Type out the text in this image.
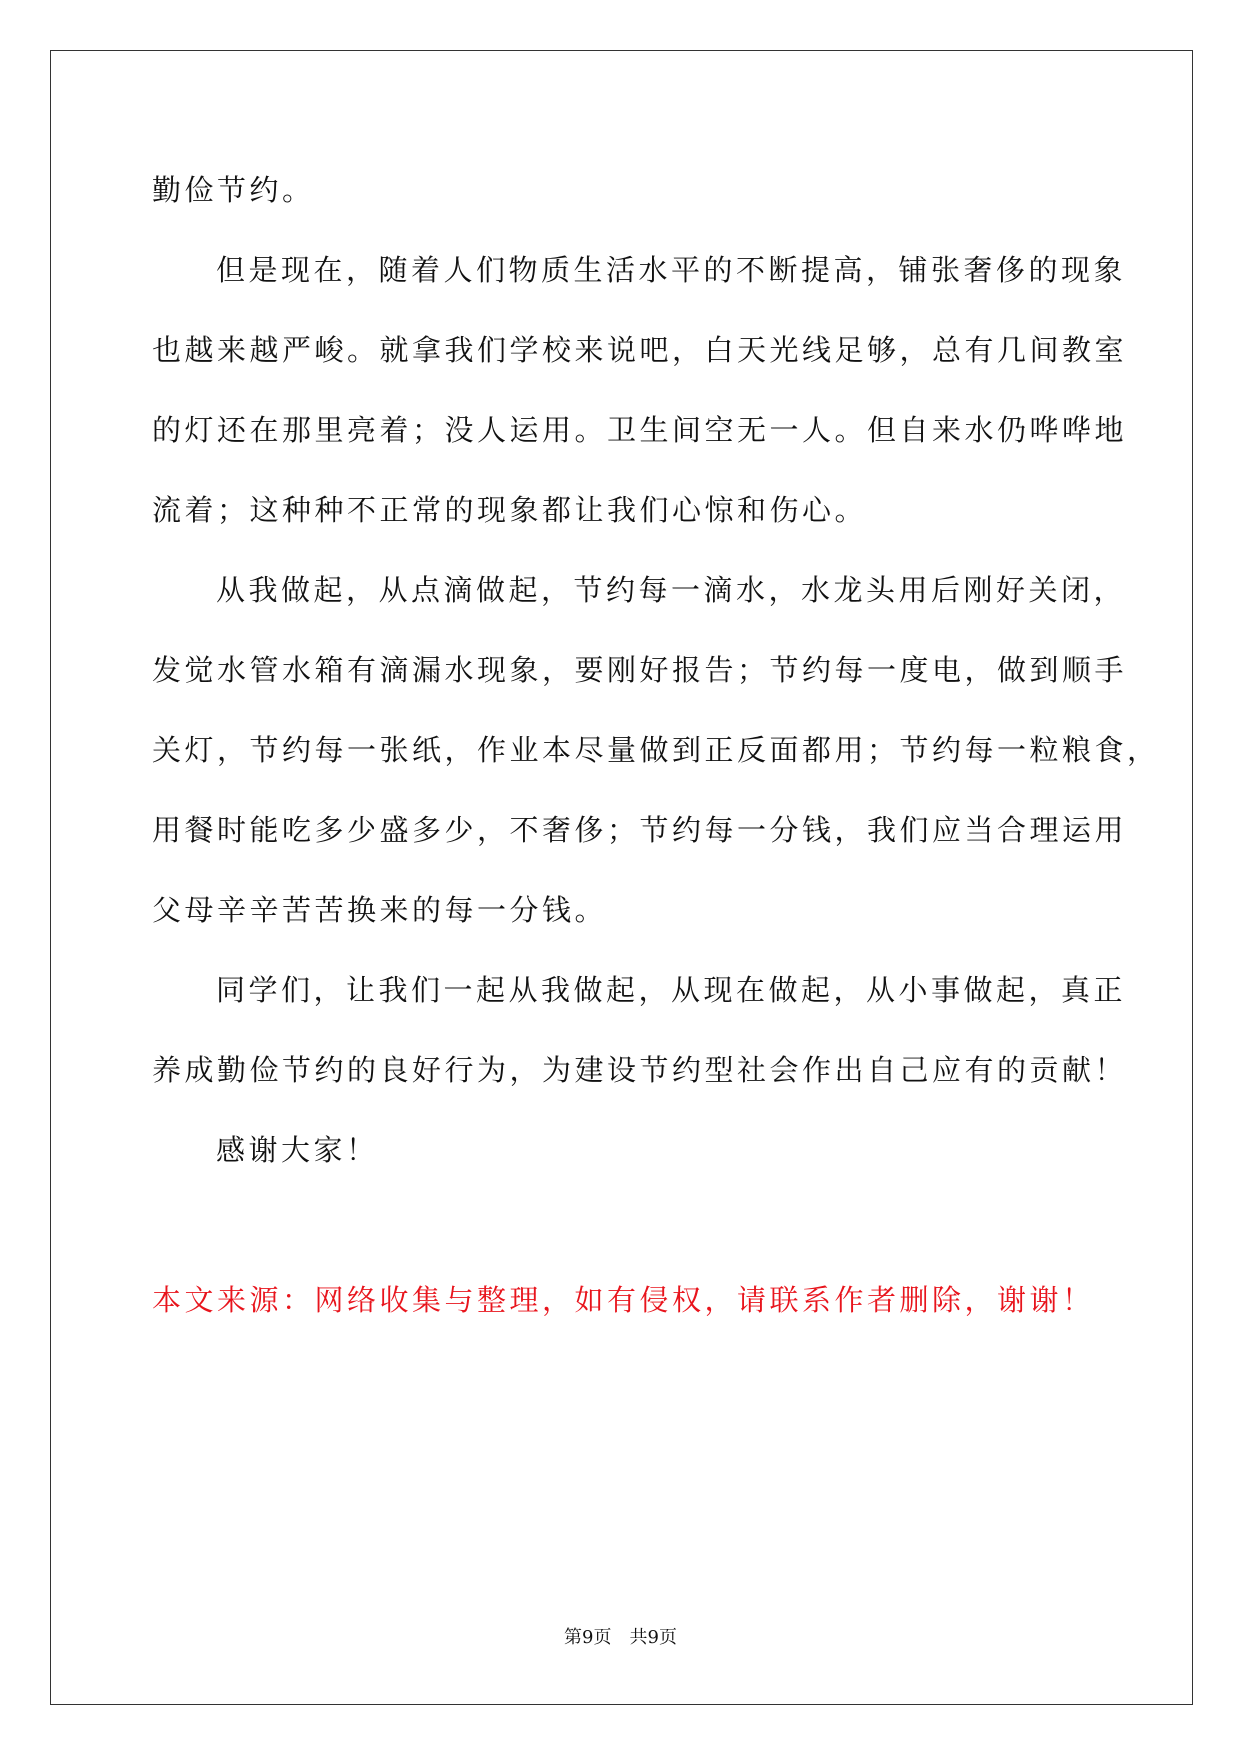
勤俭节约。
但是现在，随着人们物质生活水平的不断提高，铺张奢侈的现象
也越来越严峻。就拿我们学校来说吧，白天光线足够，总有几间教室
的灯还在那里亮着；没人运用。卫生间空无一人。但自来水仍哗哗地
流着；这种种不正常的现象都让我们心惊和伤心。
从我做起，从点滴做起，节约每一滴水，水龙头用后刚好关闭，
发觉水管水箱有滴漏水现象，要刚好报告；节约每一度电，做到顺手
关灯，节约每一张纸，作业本尽量做到正反面都用；节约每一粒粮食，
用餐时能吃多少盛多少，不奢侈；节约每一分钱，我们应当合理运用
父母辛辛苦苦换来的每一分钱。
同学们，让我们一起从我做起，从现在做起，从小事做起，真正
养成勤俭节约的良好行为，为建设节约型社会作出自己应有的贡献！
感谢大家！
本文来源：网络收集与整理，如有侵权，请联系作者删除，谢谢！
第9页 共9页
